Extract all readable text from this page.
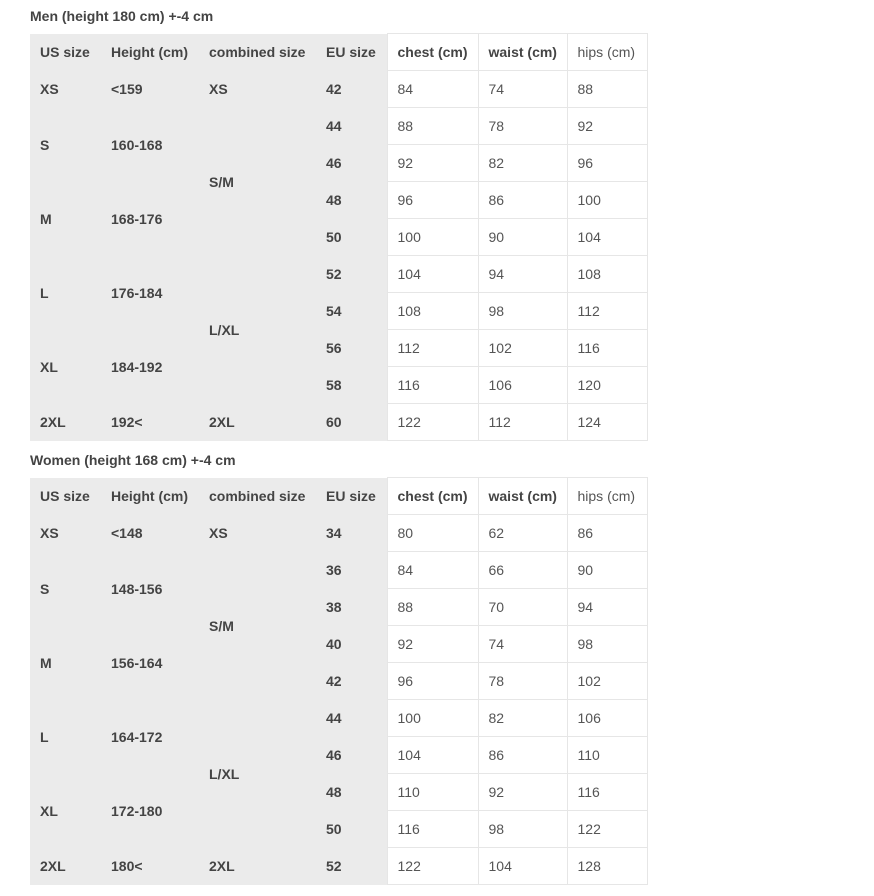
Men (height 180 cm) +-4 cm
US size	Height (cm)	combined size	EU size	chest (cm)	waist (cm)	hips (cm)
XS	<159	XS	42	84	74	88
S	160-168	S/M	44	88	78	92
			46	92	82	96
M	168-176		48	96	86	100
			50	100	90	104
L	176-184	L/XL	52	104	94	108
			54	108	98	112
XL	184-192		56	112	102	116
			58	116	106	120
2XL	192<	2XL	60	122	112	124
Women (height 168 cm) +-4 cm
US size	Height (cm)	combined size	EU size	chest (cm)	waist (cm)	hips (cm)
XS	<148	XS	34	80	62	86
S	148-156	S/M	36	84	66	90
			38	88	70	94
M	156-164		40	92	74	98
			42	96	78	102
L	164-172	L/XL	44	100	82	106
			46	104	86	110
XL	172-180		48	110	92	116
			50	116	98	122
2XL	180<	2XL	52	122	104	128
